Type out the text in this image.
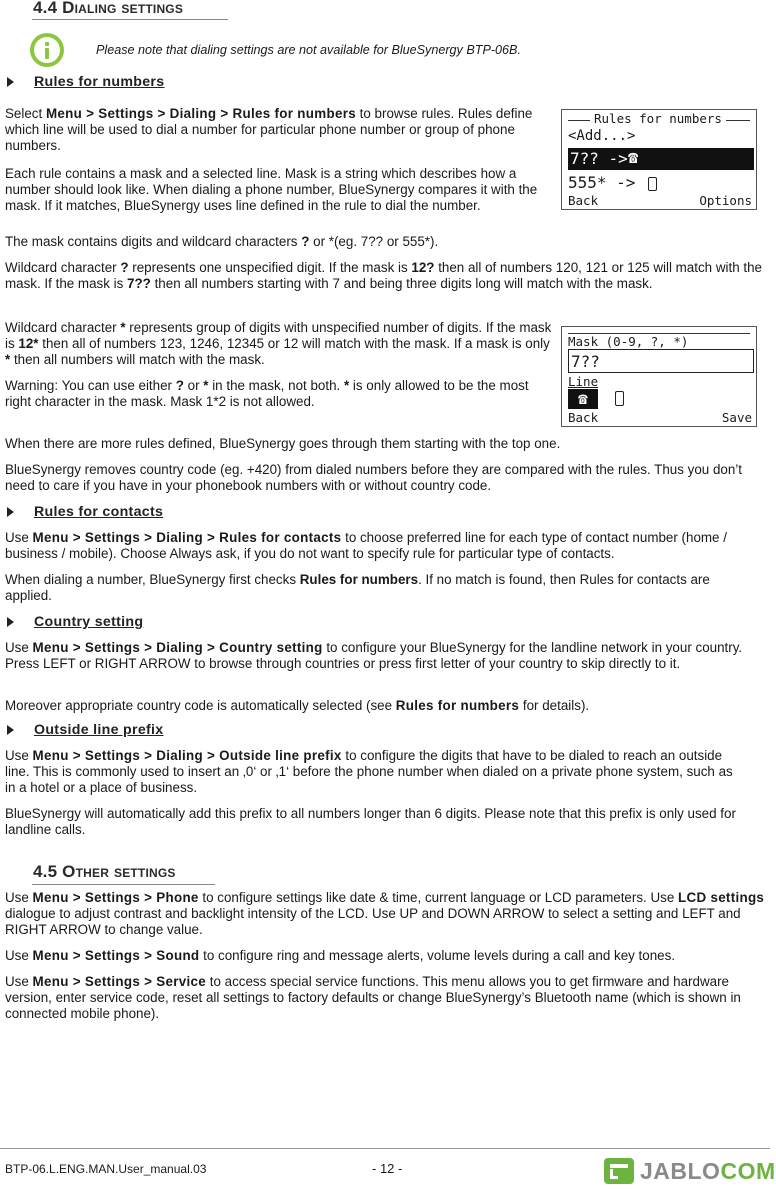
4.4 Dialing settings
Please note that dialing settings are not available for BlueSynergy BTP-06B.
Rules for numbers

Select Menu > Settings > Dialing > Rules for numbers to browse rules. Rules define which line will be used to dial a number for particular phone number or group of phone numbers.

Each rule contains a mask and a selected line. Mask is a string which describes how a number should look like. When dialing a phone number, BlueSynergy compares it with the mask. If it matches, BlueSynergy uses line defined in the rule to dial the number.

The mask contains digits and wildcard characters ? or *(eg. 7?? or 555*).

Wildcard character ? represents one unspecified digit. If the mask is 12? then all of numbers 120, 121 or 125 will match with the mask. If the mask is 7?? then all numbers starting with 7 and being three digits long will match with the mask.

Wildcard character * represents group of digits with unspecified number of digits. If the mask is 12* then all of numbers 123, 1246, 12345 or 12 will match with the mask. If a mask is only * then all numbers will match with the mask.

Warning: You can use either ? or * in the mask, not both. * is only allowed to be the most right character in the mask. Mask 1*2 is not allowed.

When there are more rules defined, BlueSynergy goes through them starting with the top one.

BlueSynergy removes country code (eg. +420) from dialed numbers before they are compared with the rules. Thus you don’t need to care if you have in your phonebook numbers with or without country code.

Rules for numbers
<Add...>
7?? -> ☎
555* ->
Back	Options
Mask (0-9, ?, *)
7??
Line
☎
Back	Save
Rules for contacts

Use Menu > Settings > Dialing > Rules for contacts to choose preferred line for each type of contact number (home / business / mobile). Choose Always ask, if you do not want to specify rule for particular type of contacts.

When dialing a number, BlueSynergy first checks Rules for numbers. If no match is found, then Rules for contacts are applied.

Country setting

Use Menu > Settings > Dialing > Country setting to configure your BlueSynergy for the landline network in your country. Press LEFT or RIGHT ARROW to browse through countries or press first letter of your country to skip directly to it.

Moreover appropriate country code is automatically selected (see Rules for numbers for details).

Outside line prefix

Use Menu > Settings > Dialing > Outside line prefix to configure the digits that have to be dialed to reach an outside line. This is commonly used to insert an ‚0‘ or ‚1‘ before the phone number when dialed on a private phone system, such as in a hotel or a place of business.

BlueSynergy will automatically add this prefix to all numbers longer than 6 digits. Please note that this prefix is only used for landline calls.

4.5 Other settings

Use Menu > Settings > Phone to configure settings like date & time, current language or LCD parameters. Use LCD settings dialogue to adjust contrast and backlight intensity of the LCD. Use UP and DOWN ARROW to select a setting and LEFT and RIGHT ARROW to change value.

Use Menu > Settings > Sound to configure ring and message alerts, volume levels during a call and key tones.

Use Menu > Settings > Service to access special service functions. This menu allows you to get firmware and hardware version, enter service code, reset all settings to factory defaults or change BlueSynergy’s Bluetooth name (which is shown in connected mobile phone).

BTP-06.L.ENG.MAN.User_manual.03	- 12 -	JABLOCOM
